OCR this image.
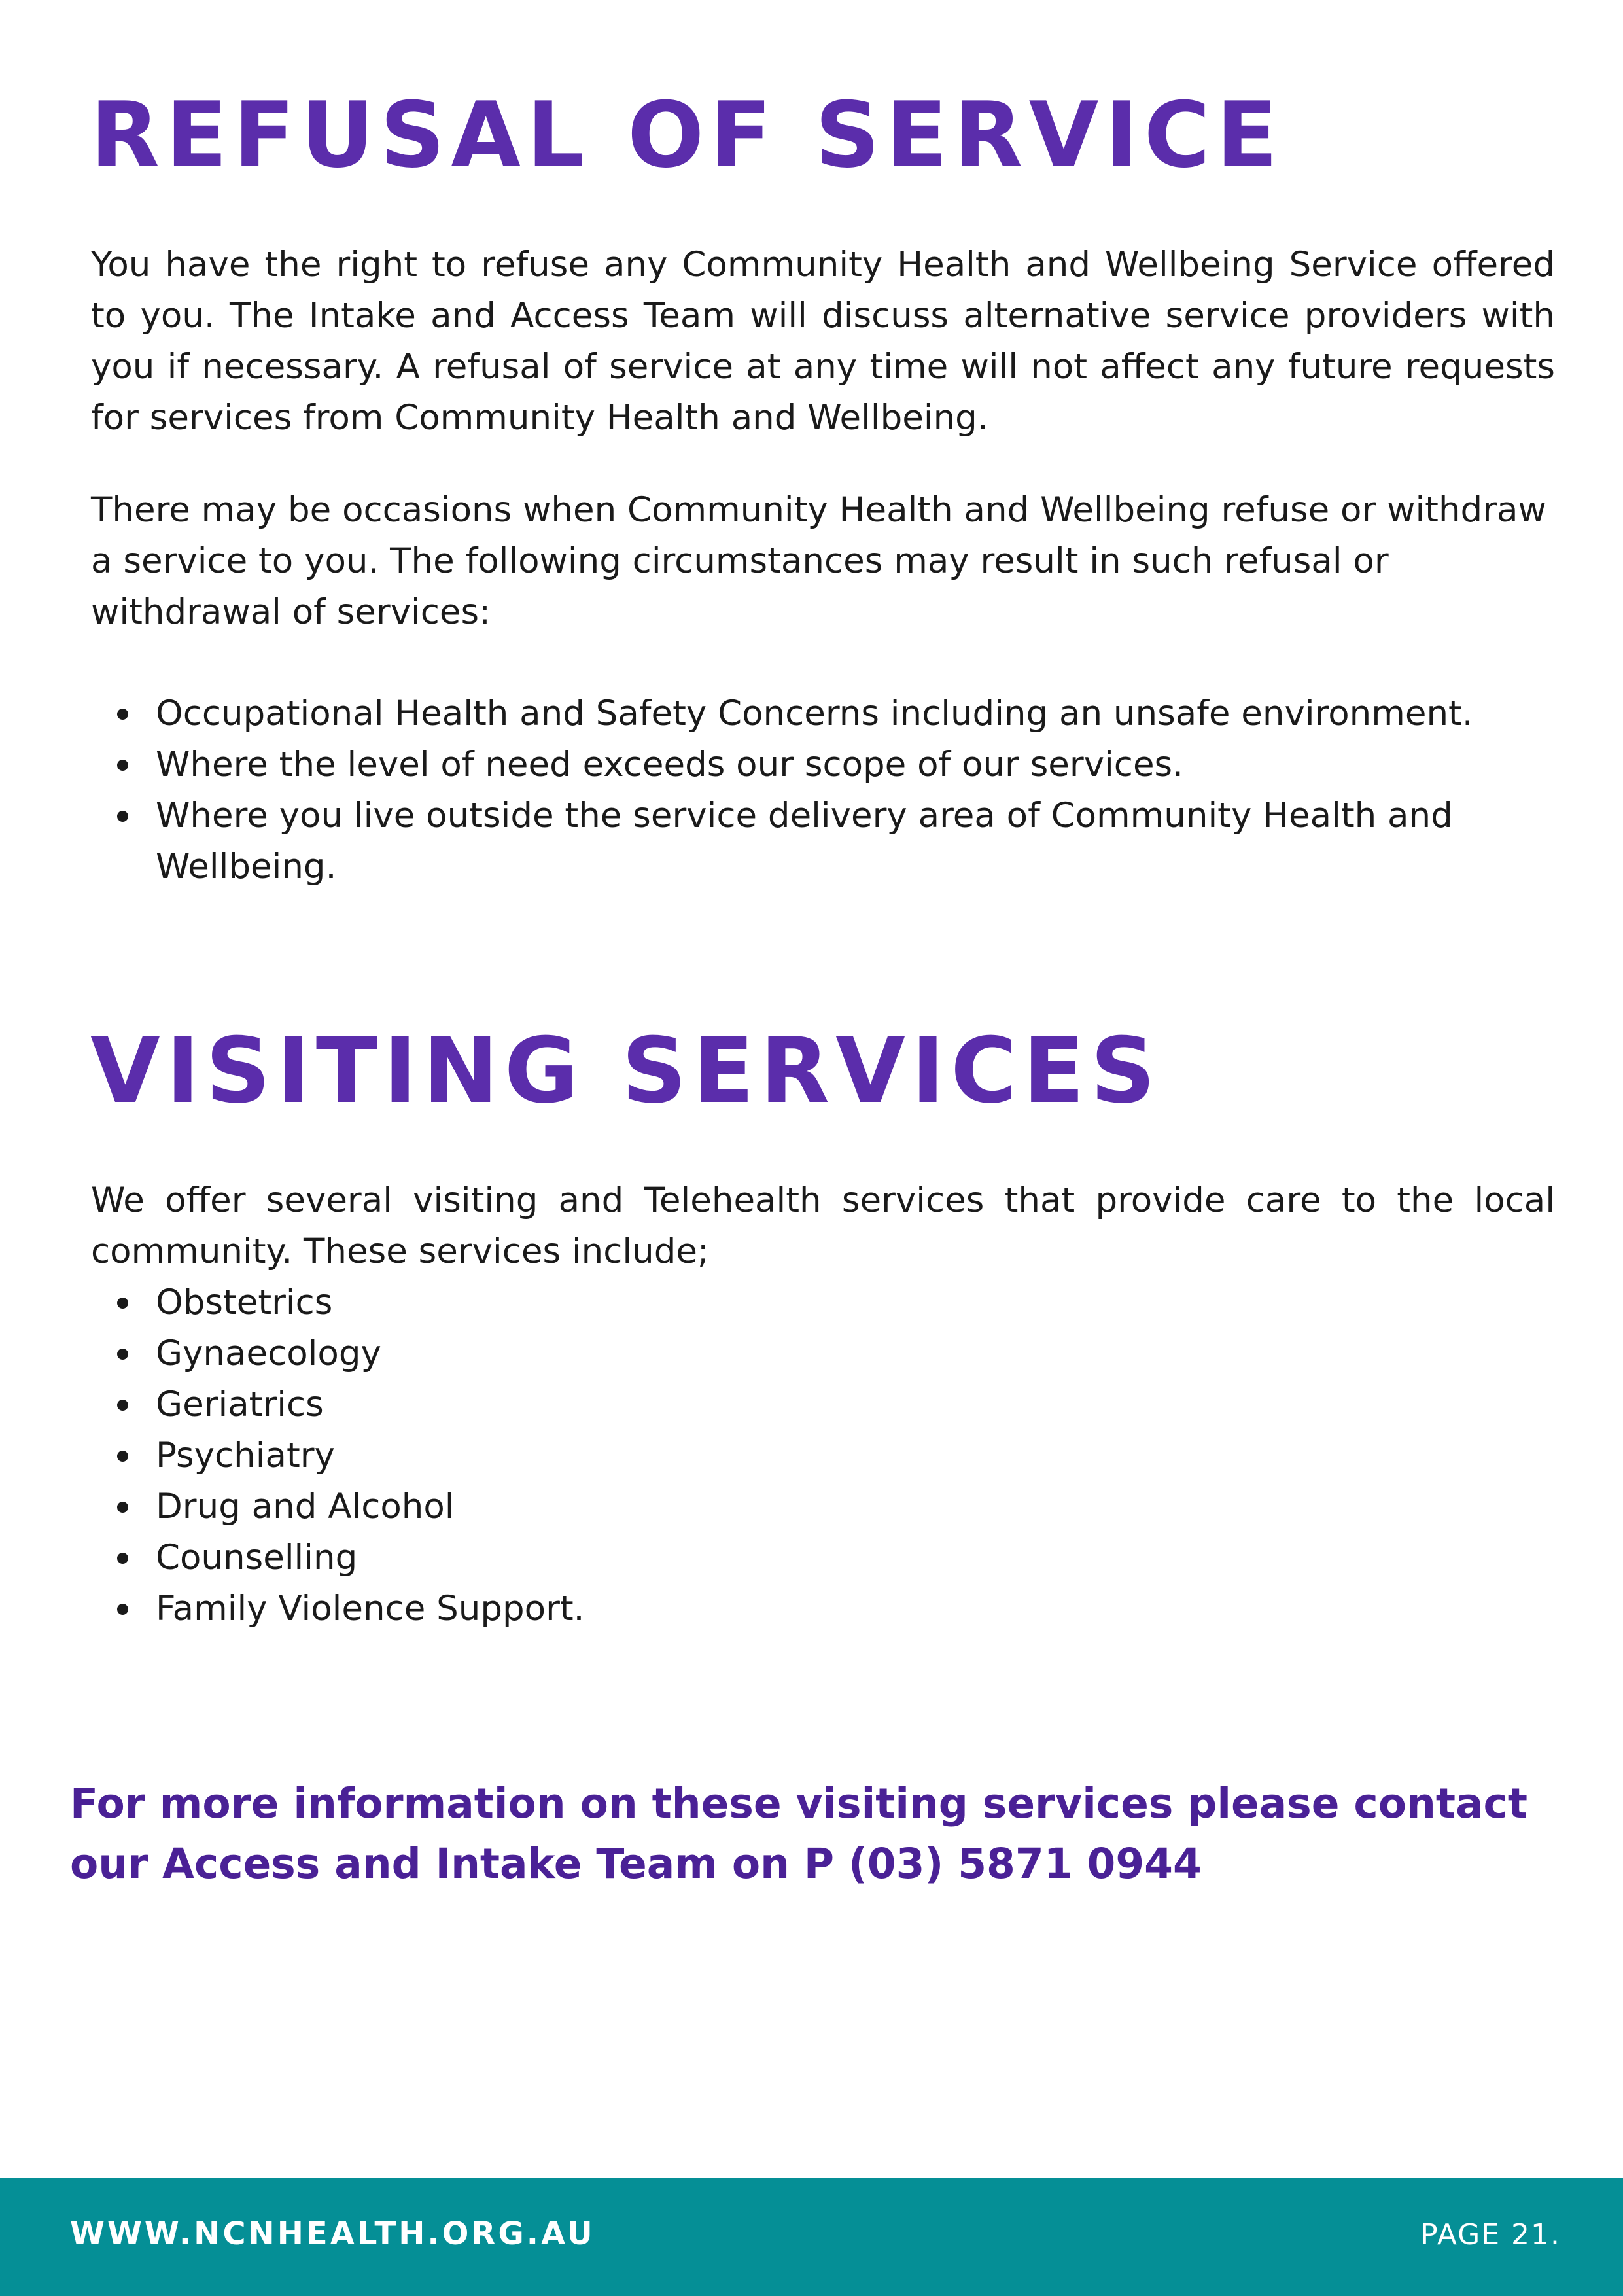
REFUSAL OF SERVICE

You have the right to refuse any Community Health and Wellbeing Service offered to you. The Intake and Access Team will discuss alternative service providers with you if necessary. A refusal of service at any time will not affect any future requests for services from Community Health and Wellbeing.

There may be occasions when Community Health and Wellbeing refuse or withdraw a service to you. The following circumstances may result in such refusal or withdrawal of services:

Occupational Health and Safety Concerns including an unsafe environment.
Where the level of need exceeds our scope of our services.
Where you live outside the service delivery area of Community Health and Wellbeing.
VISITING SERVICES

We offer several visiting and Telehealth services that provide care to the local community. These services include;

Obstetrics
Gynaecology
Geriatrics
Psychiatry
Drug and Alcohol
Counselling
Family Violence Support.

For more information on these visiting services please contact our Access and Intake Team on P (03) 5871 0944

WWW.NCNHEALTH.ORG.AU	PAGE 21.
